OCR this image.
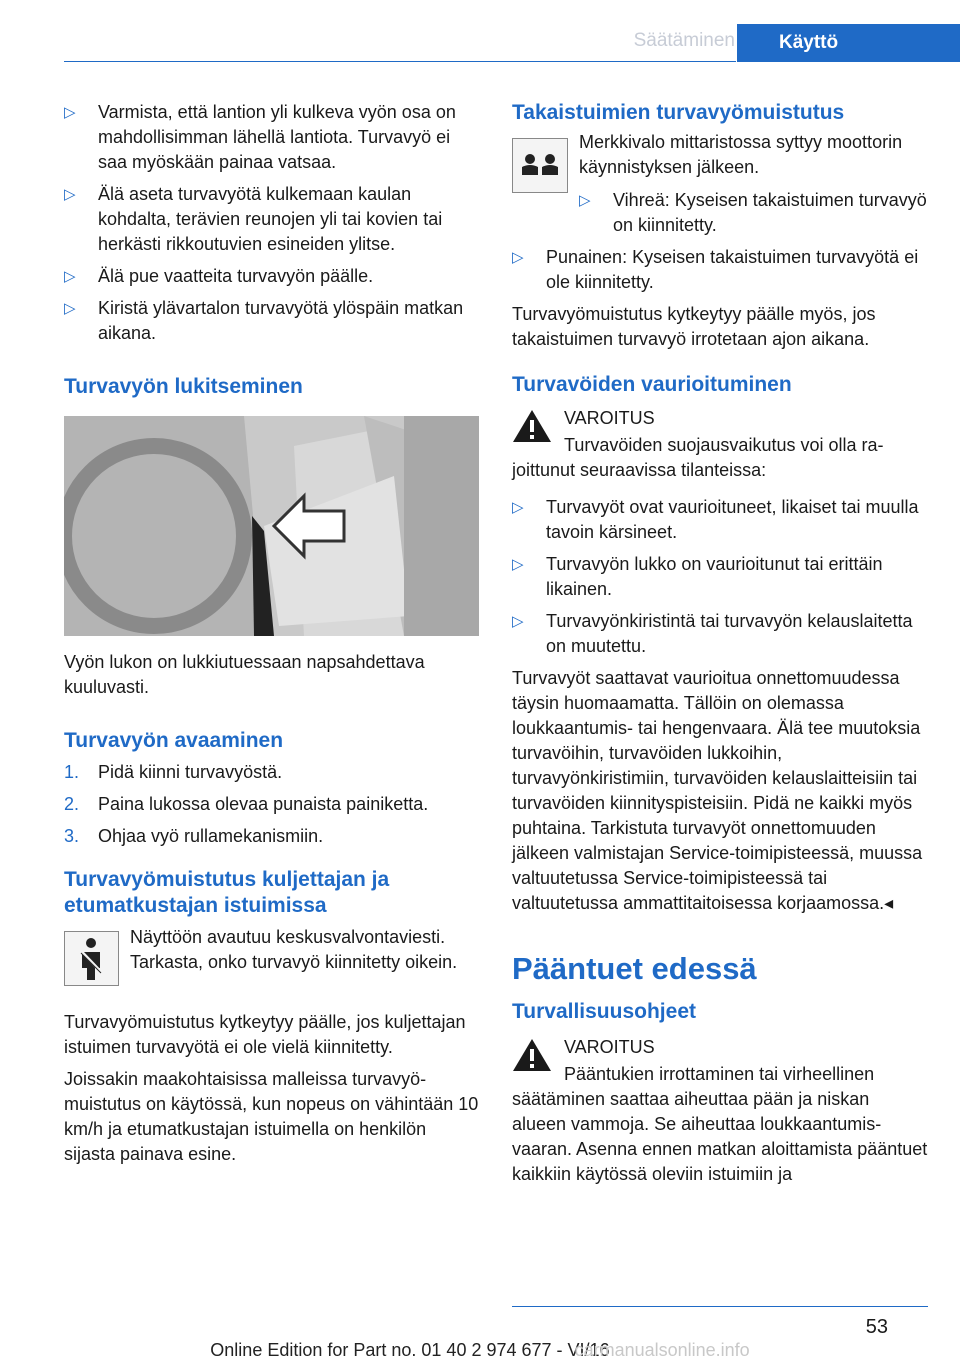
Säätäminen	Käyttö
▷ Varmista, että lantion yli kulkeva vyön osa on mahdollisimman lähellä lantiota. Turvavyö ei saa myöskään painaa vatsaa.
▷ Älä aseta turvavyötä kulkemaan kaulan kohdalta, terävien reunojen yli tai kovien tai herkästi rikkoutuvien esineiden ylitse.
▷ Älä pue vaatteita turvavyön päälle.
▷ Kiristä ylävartalon turvavyötä ylöspäin matkan aikana.
Turvavyön lukitseminen

Vyön lukon on lukkiutuessaan napsahdettava kuuluvasti.

Turvavyön avaaminen
1. Pidä kiinni turvavyöstä.
2. Paina lukossa olevaa punaista painiketta.
3. Ohjaa vyö rullamekanismiin.
Turvavyömuistutus kuljettajan ja etumatkustajan istuimissa

Näyttöön avautuu keskusvalvontaviesti. Tarkasta, onko turvavyö kiinnitetty oikein.

Turvavyömuistutus kytkeytyy päälle, jos kuljettajan istuimen turvavyötä ei ole vielä kiinnitetty.

Joissakin maakohtaisissa malleissa turvavyömuistutus on käytössä, kun nopeus on vähintään 10 km/h ja etumatkustajan istuimella on henkilön sijasta painava esine.

Takaistuimien turvavyömuistutus

Merkkivalo mittaristossa syttyy moottorin käynnistyksen jälkeen.

▷ Vihreä: Kyseisen takaistuimen turvavyö on kiinnitetty.
▷ Punainen: Kyseisen takaistuimen turvavyötä ei ole kiinnitetty.

Turvavyömuistutus kytkeytyy päälle myös, jos takaistuimen turvavyö irrotetaan ajon aikana.

Turvavöiden vaurioituminen

VAROITUS

Turvavöiden suojausvaikutus voi olla rajoittunut seuraavissa tilanteissa:

▷ Turvavyöt ovat vaurioituneet, likaiset tai muulla tavoin kärsineet.
▷ Turvavyön lukko on vaurioitunut tai erittäin likainen.
▷ Turvavyönkiristintä tai turvavyön kelauslaitetta on muutettu.

Turvavyöt saattavat vaurioitua onnettomuudessa täysin huomaamatta. Tällöin on olemassa loukkaantumis- tai hengenvaara. Älä tee muutoksia turvavöihin, turvavöiden lukkoihin, turvavyönkiristimiin, turvavöiden kelauslaitteisiin tai turvavöiden kiinnityspisteisiin. Pidä ne kaikki myös puhtaina. Tarkistuta turvavyöt onnettomuuden jälkeen valmistajan Service-toimipisteessä, muussa valtuutetussa Service-toimipisteessä tai valtuutetussa ammattitaitoisessa korjaamossa.◂

Pääntuet edessä
Turvallisuusohjeet

VAROITUS

Pääntukien irrottaminen tai virheellinen säätäminen saattaa aiheuttaa pään ja niskan alueen vammoja. Se aiheuttaa loukkaantumisvaaran. Asenna ennen matkan aloittamista pääntuet kaikkiin käytössä oleviin istuimiin ja

53
Online Edition for Part no. 01 40 2 974 677 - VI/16 carmanualsonline.info
